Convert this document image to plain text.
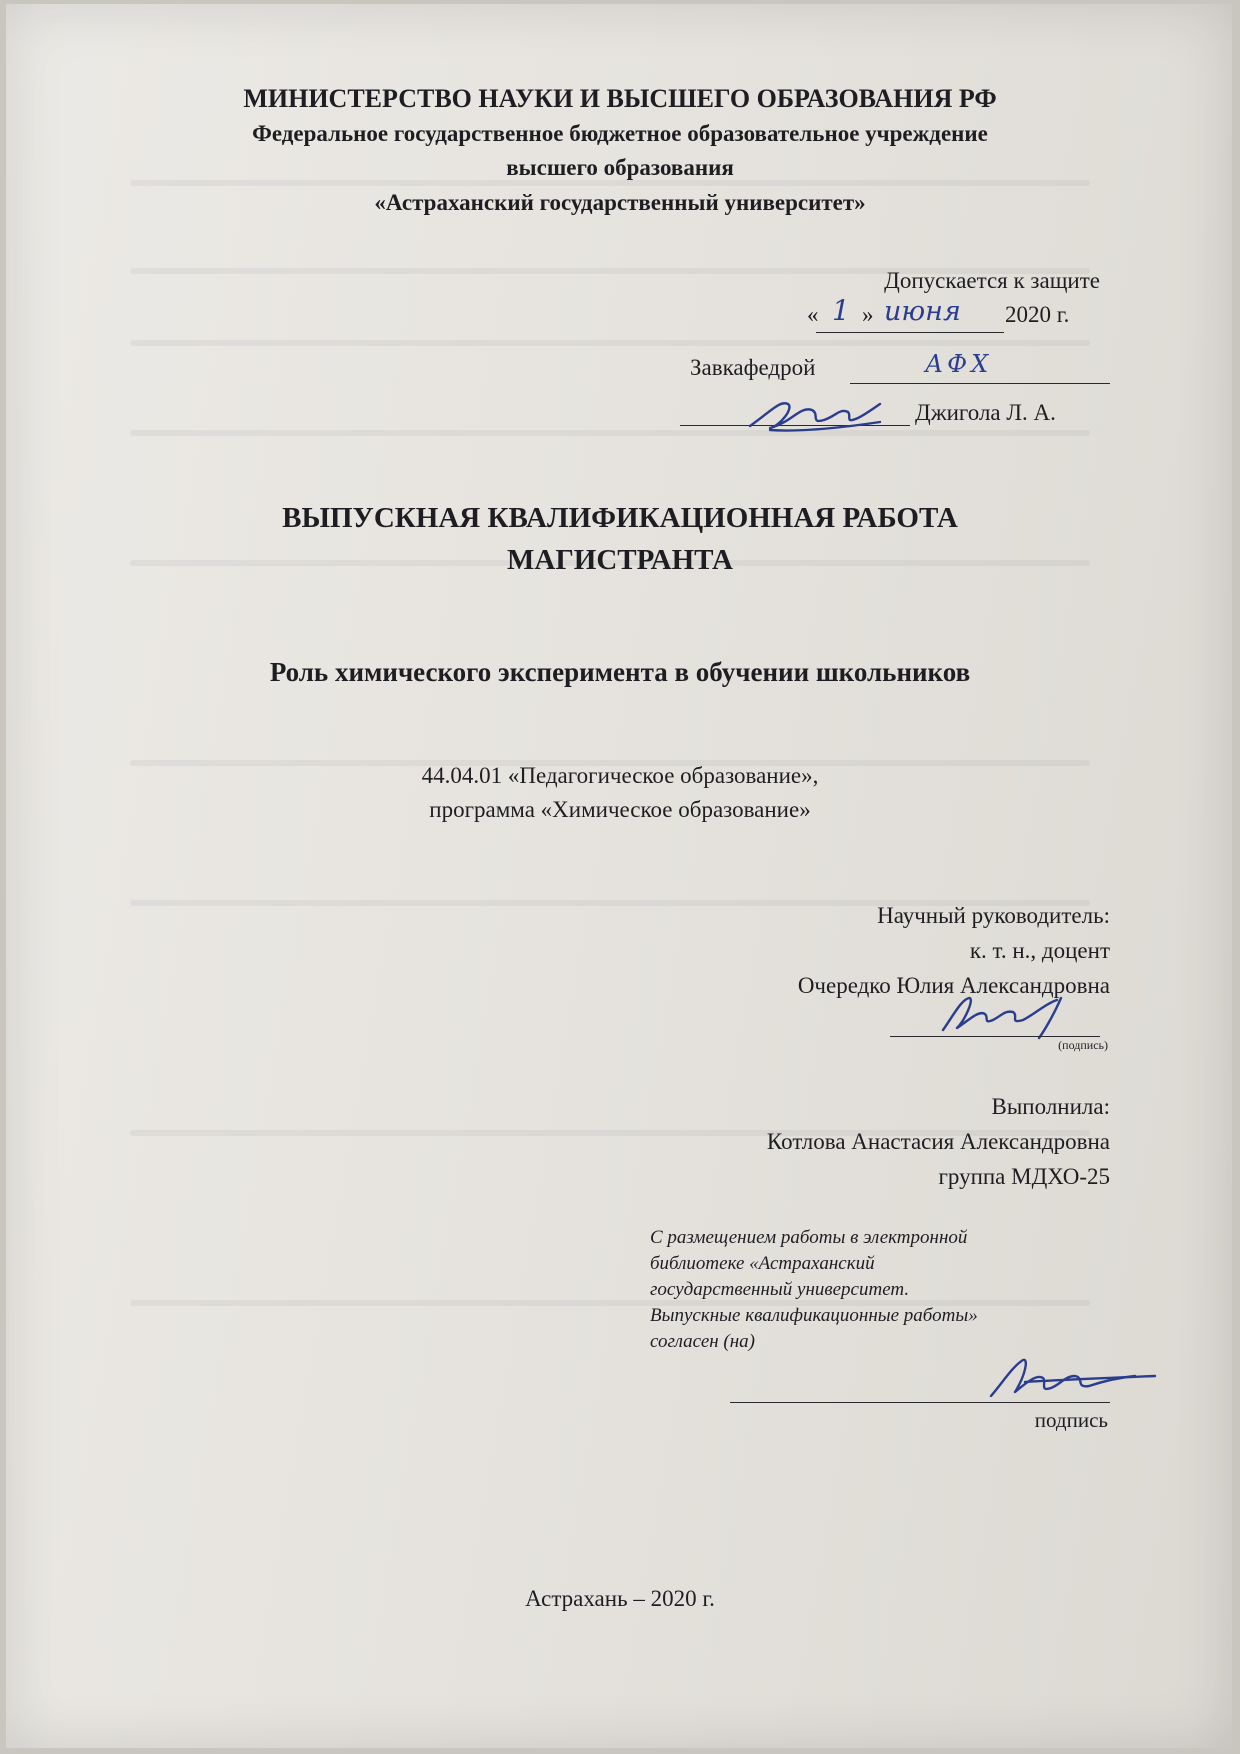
МИНИСТЕРСТВО НАУКИ И ВЫСШЕГО ОБРАЗОВАНИЯ РФ
Федеральное государственное бюджетное образовательное учреждение
высшего образования
«Астраханский государственный университет»
Допускается к защите
« 1 » июня 2020 г.
Завкафедрой	АФХ
Джигола Л. А.
ВЫПУСКНАЯ КВАЛИФИКАЦИОННАЯ РАБОТА
МАГИСТРАНТА
Роль химического эксперимента в обучении школьников
44.04.01 «Педагогическое образование»,
программа «Химическое образование»
Научный руководитель:
к. т. н., доцент
Очередко Юлия Александровна
(подпись)
Выполнила:
Котлова Анастасия Александровна
группа МДХО-25
С размещением работы в электронной
библиотеке «Астраханский
государственный университет.
Выпускные квалификационные работы»
согласен (на)
подпись
Астрахань – 2020 г.
